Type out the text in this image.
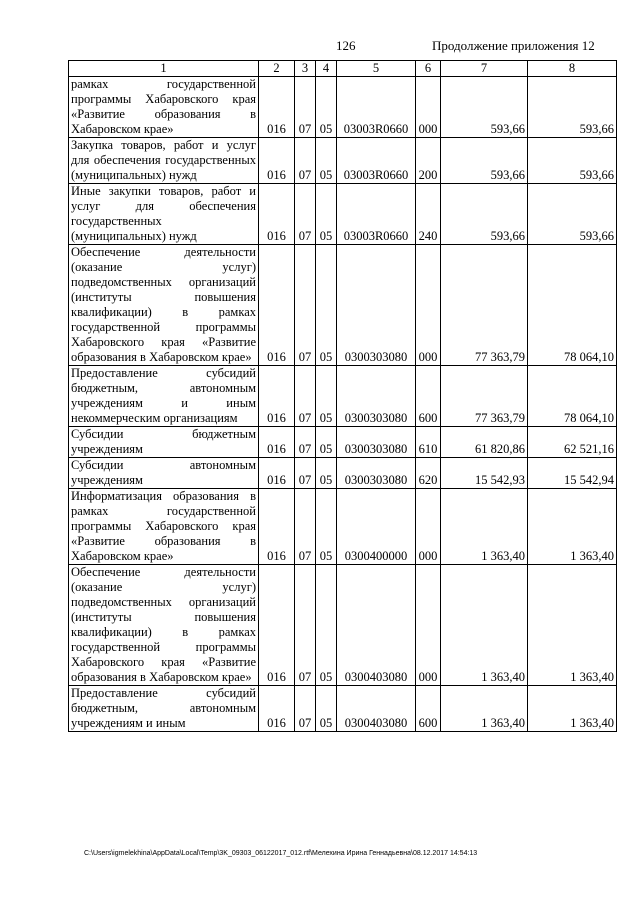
126	Продолжение приложения 12
1	2	3	4	5	6	7	8
рамках государственной программы Хабаровского края «Развитие образования в Хабаровском крае»	016	07	05	03003R0660	000	593,66	593,66
Закупка товаров, работ и услуг для обеспечения государственных (муниципальных) нужд	016	07	05	03003R0660	200	593,66	593,66
Иные закупки товаров, работ и услуг для обеспечения государственных (муниципальных) нужд	016	07	05	03003R0660	240	593,66	593,66
Обеспечение деятельности (оказание услуг) подведомственных организаций (институты повышения квалификации) в рамках государственной программы Хабаровского края «Развитие образования в Хабаровском крае»	016	07	05	0300303080	000	77 363,79	78 064,10
Предоставление субсидий бюджетным, автономным учреждениям и иным некоммерческим организациям	016	07	05	0300303080	600	77 363,79	78 064,10
Субсидии бюджетным учреждениям	016	07	05	0300303080	610	61 820,86	62 521,16
Субсидии автономным учреждениям	016	07	05	0300303080	620	15 542,93	15 542,94
Информатизация образования в рамках государственной программы Хабаровского края «Развитие образования в Хабаровском крае»	016	07	05	0300400000	000	1 363,40	1 363,40
Обеспечение деятельности (оказание услуг) подведомственных организаций (институты повышения квалификации) в рамках государственной программы Хабаровского края «Развитие образования в Хабаровском крае»	016	07	05	0300403080	000	1 363,40	1 363,40
Предоставление субсидий бюджетным, автономным учреждениям и иным	016	07	05	0300403080	600	1 363,40	1 363,40
C:\Users\igmelekhina\AppData\Local\Temp\3K_09303_06122017_012.rtf\Мелехина Ирина Геннадьевна\08.12.2017 14:54:13
